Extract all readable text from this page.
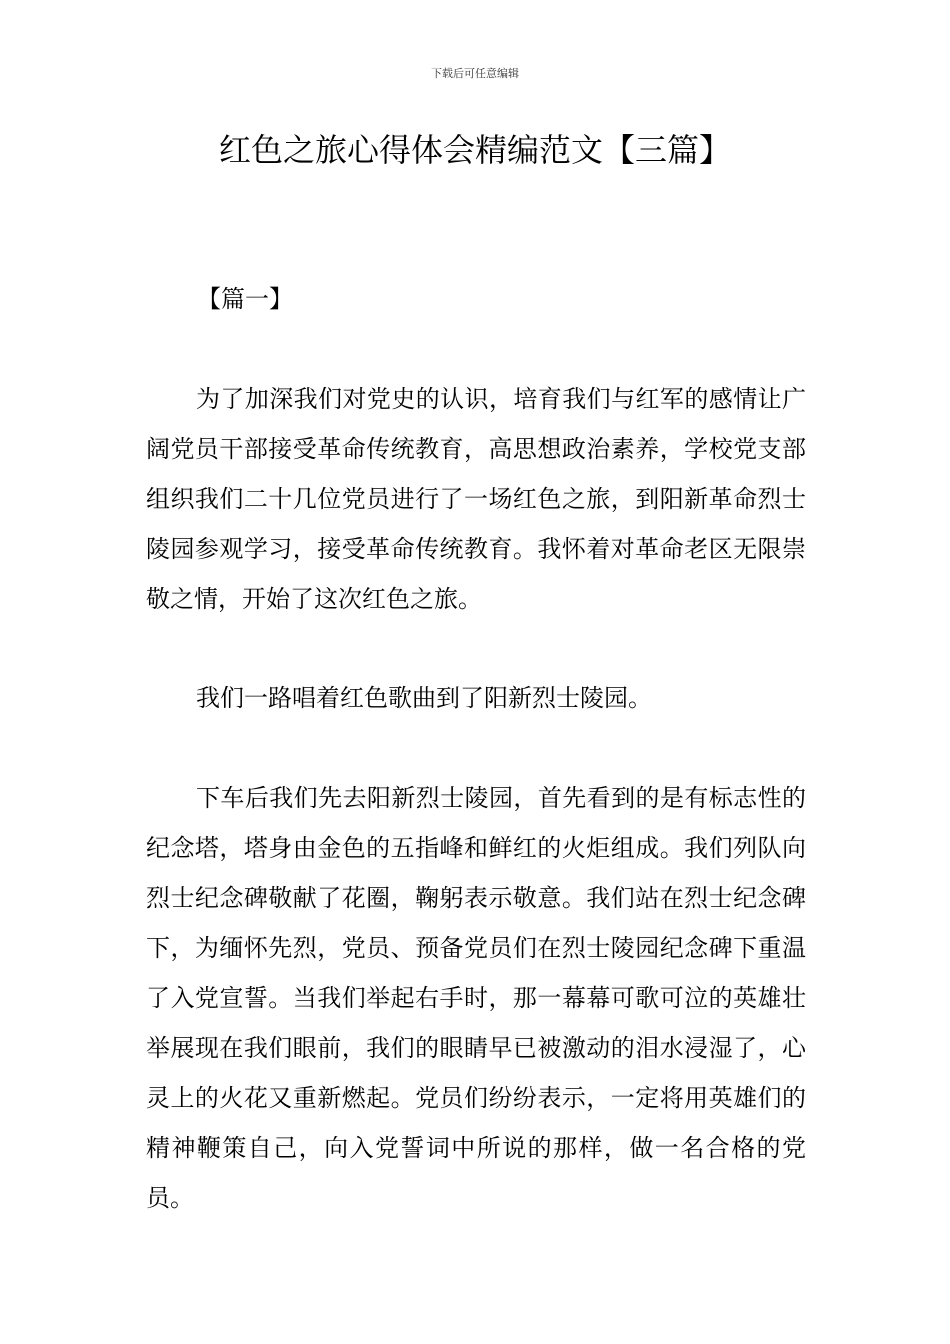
下载后可任意编辑
红色之旅心得体会精编范文【三篇】
【篇一】

为了加深我们对党史的认识，培育我们与红军的感情让广阔党员干部接受革命传统教育，高思想政治素养，学校党支部组织我们二十几位党员进行了一场红色之旅，到阳新革命烈士陵园参观学习，接受革命传统教育。我怀着对革命老区无限崇敬之情，开始了这次红色之旅。

我们一路唱着红色歌曲到了阳新烈士陵园。

下车后我们先去阳新烈士陵园，首先看到的是有标志性的纪念塔，塔身由金色的五指峰和鲜红的火炬组成。我们列队向烈士纪念碑敬献了花圈，鞠躬表示敬意。我们站在烈士纪念碑下，为缅怀先烈，党员、预备党员们在烈士陵园纪念碑下重温了入党宣誓。当我们举起右手时，那一幕幕可歌可泣的英雄壮举展现在我们眼前，我们的眼睛早已被激动的泪水浸湿了，心灵上的火花又重新燃起。党员们纷纷表示，一定将用英雄们的精神鞭策自己，向入党誓词中所说的那样，做一名合格的党员。
